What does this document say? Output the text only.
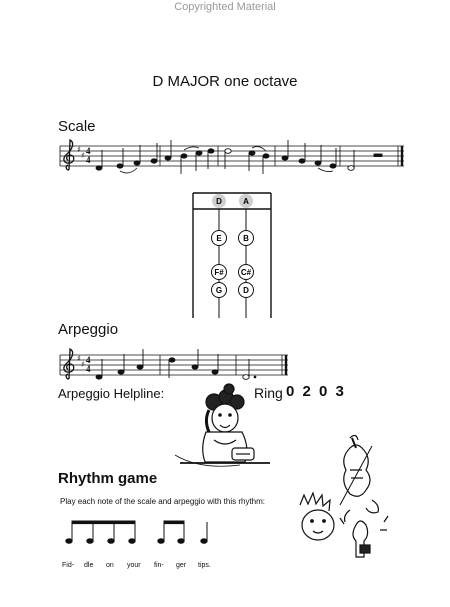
Copyrighted Material
D MAJOR one octave
Scale
♯
♯ 4
4
D	A
E
F#
G
B
C#
D
Arpeggio
♯
♯ 4
4
Arpeggio Helpline:	Ring 0 2 0 3
Rhythm game
Play each note of the scale and arpeggio with this rhythm:
Fid- dle on your fin- ger tips.
